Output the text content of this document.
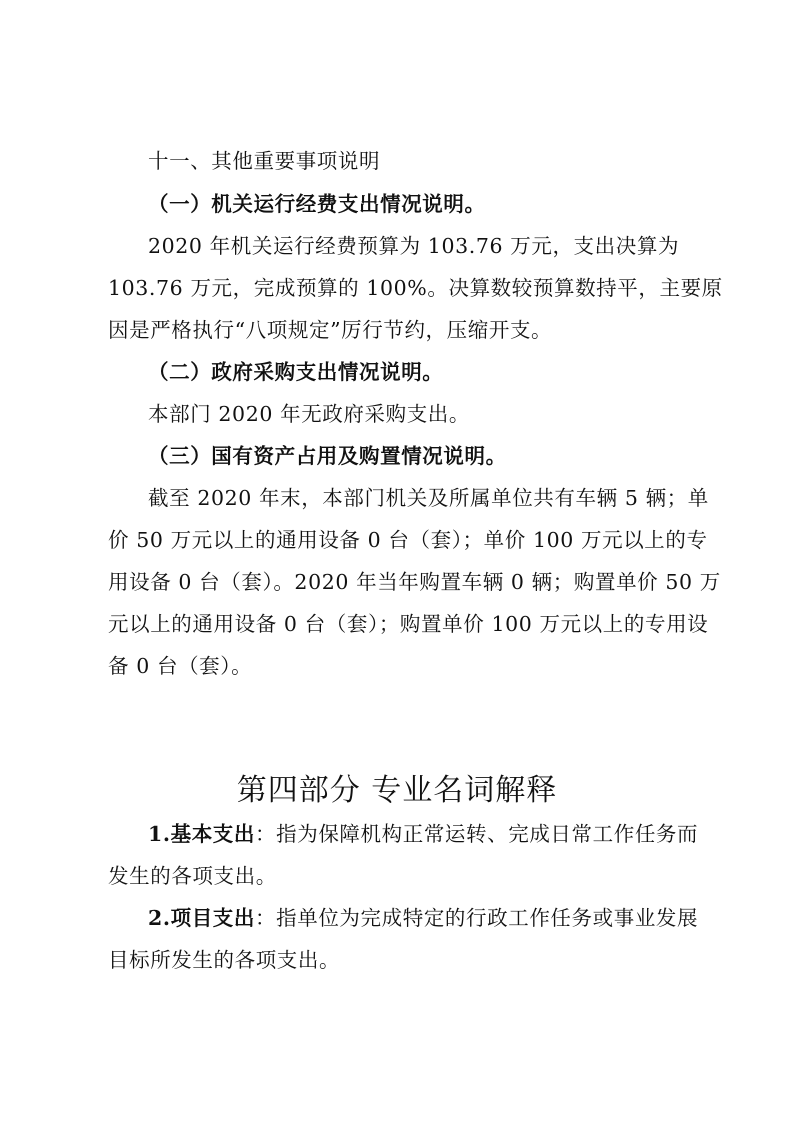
十一、其他重要事项说明
（一）机关运行经费支出情况说明。
2020 年机关运行经费预算为 103.76 万元，支出决算为
103.76 万元，完成预算的 100%。决算数较预算数持平，主要原
因是严格执行“八项规定”厉行节约，压缩开支。
（二）政府采购支出情况说明。
本部门 2020 年无政府采购支出。
（三）国有资产占用及购置情况说明。
截至 2020 年末，本部门机关及所属单位共有车辆 5 辆；单
价 50 万元以上的通用设备 0 台（套）；单价 100 万元以上的专
用设备 0 台（套）。2020 年当年购置车辆 0 辆；购置单价 50 万
元以上的通用设备 0 台（套）；购置单价 100 万元以上的专用设
备 0 台（套）。
第四部分 专业名词解释
1.基本支出：指为保障机构正常运转、完成日常工作任务而
发生的各项支出。
2.项目支出：指单位为完成特定的行政工作任务或事业发展
目标所发生的各项支出。
